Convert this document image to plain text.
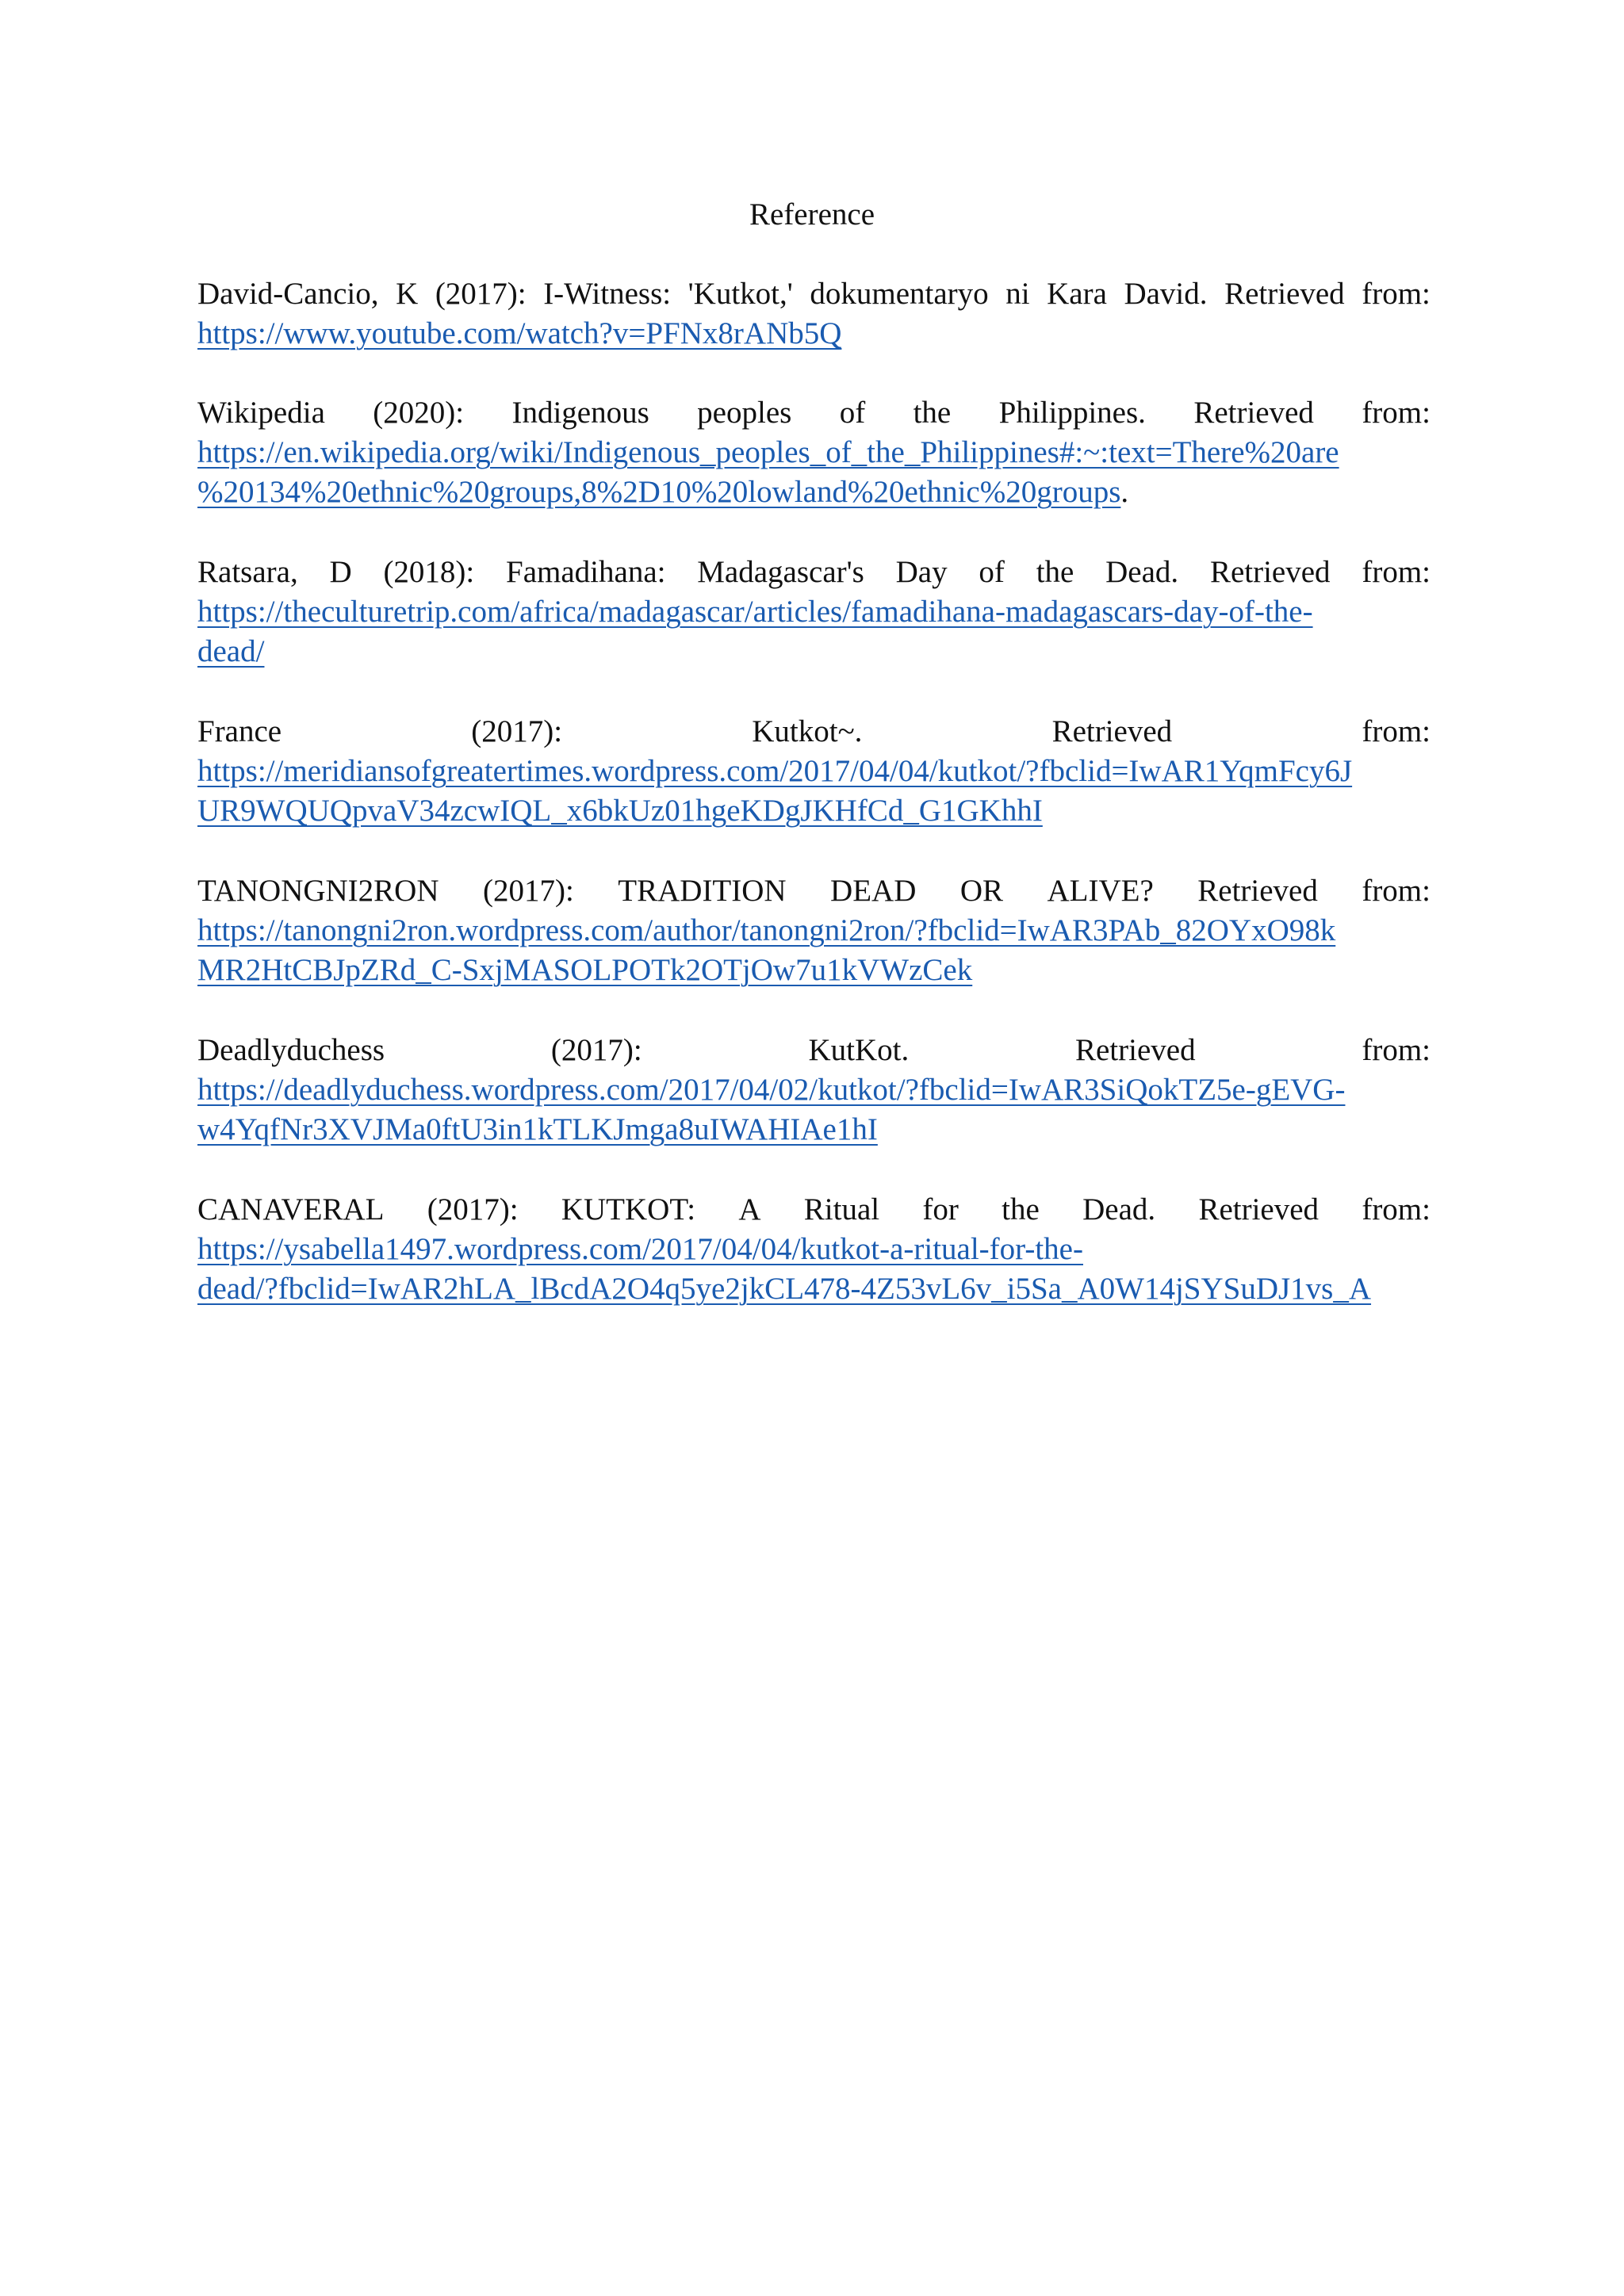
Reference
David-Cancio, K (2017): I-Witness: 'Kutkot,' dokumentaryo ni Kara David. Retrieved from:
https://www.youtube.com/watch?v=PFNx8rANb5Q
Wikipedia (2020): Indigenous peoples of the Philippines. Retrieved from:
https://en.wikipedia.org/wiki/Indigenous_peoples_of_the_Philippines#:~:text=There%20are
%20134%20ethnic%20groups,8%2D10%20lowland%20ethnic%20groups.
Ratsara, D (2018): Famadihana: Madagascar's Day of the Dead. Retrieved from:
https://theculturetrip.com/africa/madagascar/articles/famadihana-madagascars-day-of-the-
dead/
France	(2017):	Kutkot~.	Retrieved	from:
https://meridiansofgreatertimes.wordpress.com/2017/04/04/kutkot/?fbclid=IwAR1YqmFcy6J
UR9WQUQpvaV34zcwIQL_x6bkUz01hgeKDgJKHfCd_G1GKhhI
TANONGNI2RON (2017): TRADITION DEAD OR ALIVE? Retrieved from:
https://tanongni2ron.wordpress.com/author/tanongni2ron/?fbclid=IwAR3PAb_82OYxO98k
MR2HtCBJpZRd_C-SxjMASOLPOTk2OTjOw7u1kVWzCek
Deadlyduchess	(2017):	KutKot.	Retrieved	from:
https://deadlyduchess.wordpress.com/2017/04/02/kutkot/?fbclid=IwAR3SiQokTZ5e-gEVG-
w4YqfNr3XVJMa0ftU3in1kTLKJmga8uIWAHIAe1hI
CANAVERAL (2017): KUTKOT: A Ritual for the Dead. Retrieved from:
https://ysabella1497.wordpress.com/2017/04/04/kutkot-a-ritual-for-the-
dead/?fbclid=IwAR2hLA_lBcdA2O4q5ye2jkCL478-4Z53vL6v_i5Sa_A0W14jSYSuDJ1vs_A
